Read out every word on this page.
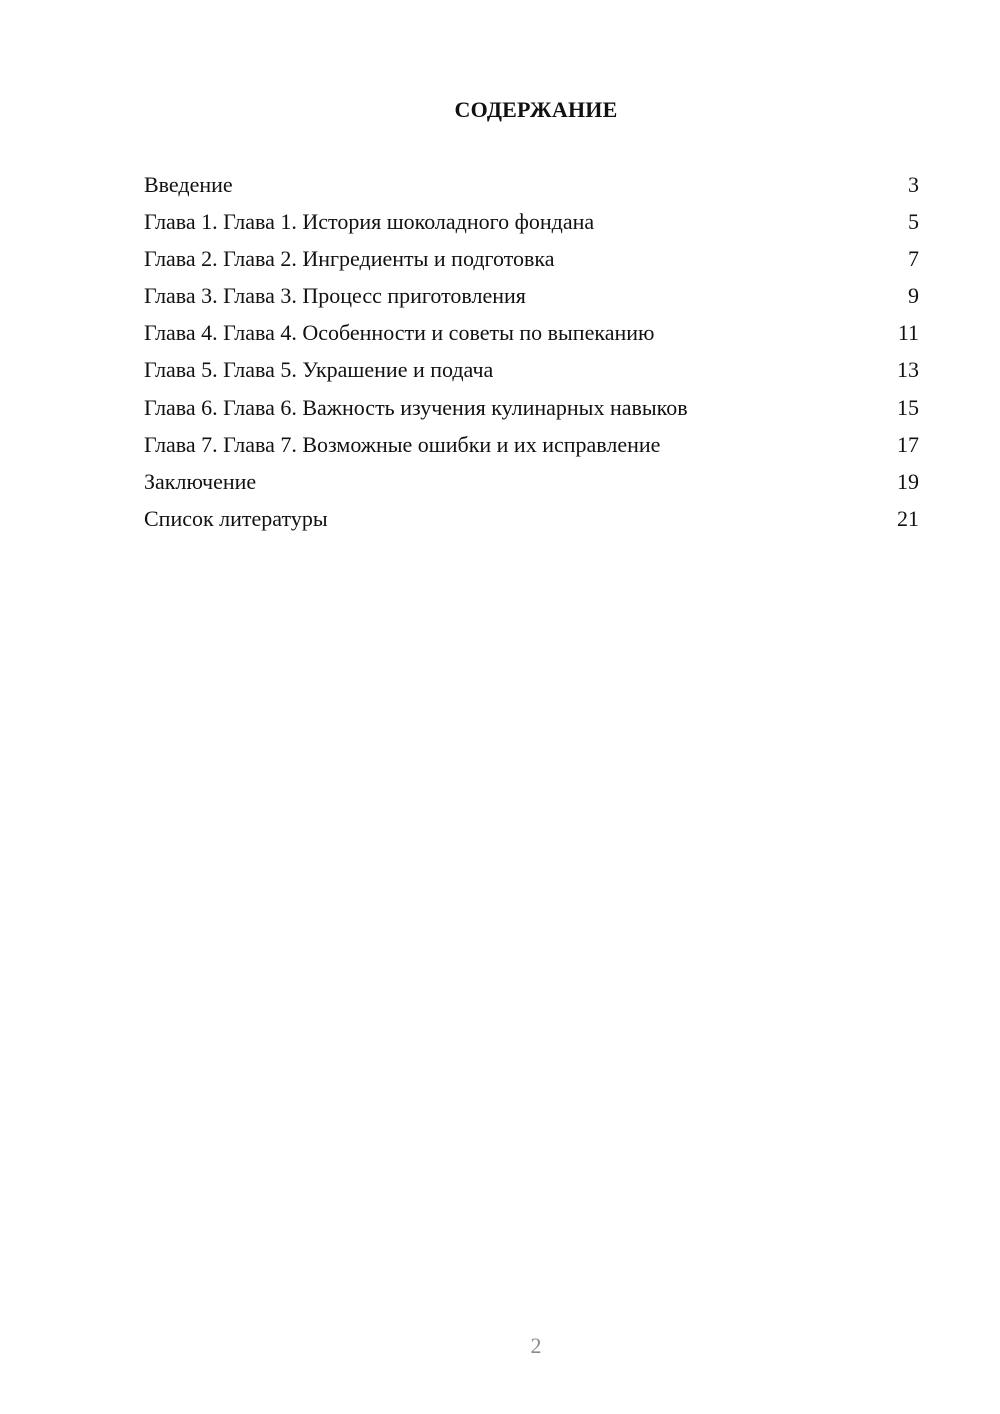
СОДЕРЖАНИЕ
Введение	3
Глава 1. Глава 1. История шоколадного фондана	5
Глава 2. Глава 2. Ингредиенты и подготовка	7
Глава 3. Глава 3. Процесс приготовления	9
Глава 4. Глава 4. Особенности и советы по выпеканию	11
Глава 5. Глава 5. Украшение и подача	13
Глава 6. Глава 6. Важность изучения кулинарных навыков	15
Глава 7. Глава 7. Возможные ошибки и их исправление	17
Заключение	19
Список литературы	21
2
